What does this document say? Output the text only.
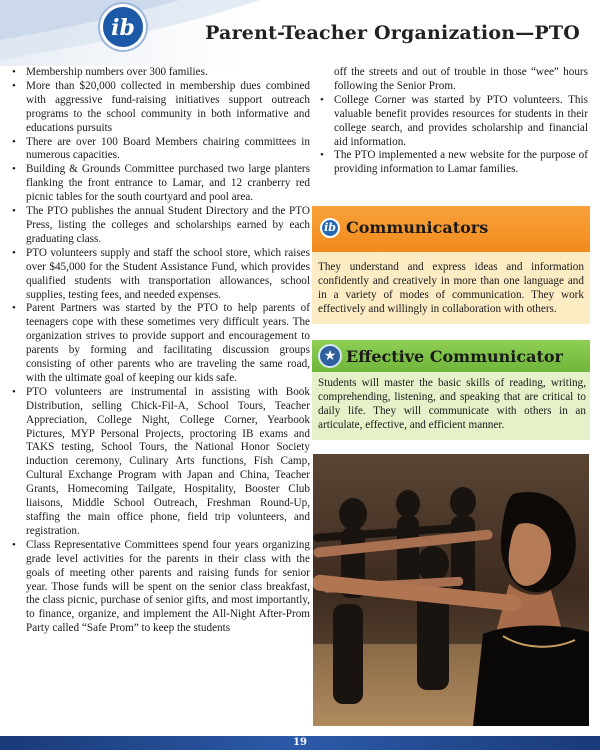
ib	Parent-Teacher Organization—PTO
• Membership numbers over 300 families.
• More than $20,000 collected in membership dues combined with aggressive fund-raising initiatives support outreach programs to the school community in both informative and educations pursuits
• There are over 100 Board Members chairing committees in numerous capacities.
• Building & Grounds Committee purchased two large planters flanking the front entrance to Lamar, and 12 cranberry red picnic tables for the south courtyard and pool area.
• The PTO publishes the annual Student Directory and the PTO Press, listing the colleges and scholarships earned by each graduating class.
• PTO volunteers supply and staff the school store, which raises over $45,000 for the Student Assistance Fund, which provides qualified students with transportation allowances, school supplies, testing fees, and needed expenses.
• Parent Partners was started by the PTO to help parents of teenagers cope with these sometimes very difficult years. The organization strives to provide support and encouragement to parents by forming and facilitating discussion groups consisting of other parents who are traveling the same road, with the ultimate goal of keeping our kids safe.
• PTO volunteers are instrumental in assisting with Book Distribution, selling Chick-Fil-A, School Tours, Teacher Appreciation, College Night, College Corner, Yearbook Pictures, MYP Personal Projects, proctoring IB exams and TAKS testing, School Tours, the National Honor Society induction ceremony, Culinary Arts functions, Fish Camp, Cultural Exchange Program with Japan and China, Teacher Grants, Homecoming Tailgate, Hospitality, Booster Club liaisons, Middle School Outreach, Freshman Round-Up, staffing the main office phone, field trip volunteers, and registration.
• Class Representative Committees spend four years organizing grade level activities for the parents in their class with the goals of meeting other parents and raising funds for senior year. Those funds will be spent on the senior class breakfast, the class picnic, purchase of senior gifts, and most importantly, to finance, organize, and implement the All-Night After-Prom Party called “Safe Prom” to keep the students

off the streets and out of trouble in those “wee” hours following the Senior Prom.

• College Corner was started by PTO volunteers. This valuable benefit provides resources for students in their college search, and provides scholarship and financial aid information.
• The PTO implemented a new website for the purpose of providing information to Lamar families.
ib Communicators
They understand and express ideas and information confidently and creatively in more than one language and in a variety of modes of communication. They work effectively and willingly in collaboration with others.
★ Effective Communicator
Students will master the basic skills of reading, writing, comprehending, listening, and speaking that are critical to daily life. They will communicate with others in an articulate, effective, and efficient manner.
19
